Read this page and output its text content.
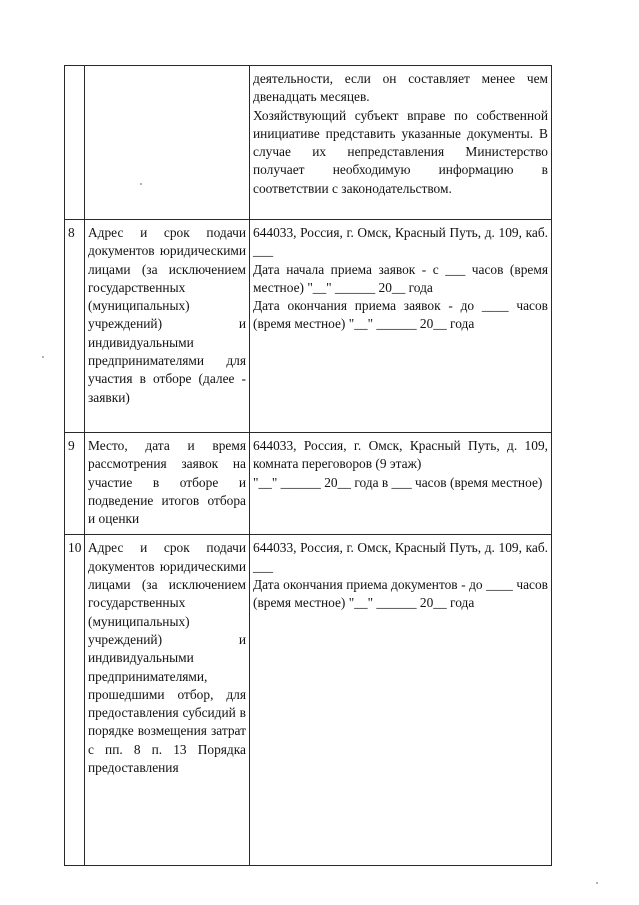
		деятельности, если он составляет менее чем двенадцать месяцев.
Хозяйствующий субъект вправе по собственной инициативе представить указанные документы. В случае их непредставления Министерство получает необходимую информацию в соответствии с законодательством.

8	Адрес и срок подачи документов юридическими лицами (за исключением государственных (муниципальных) учреждений) и индивидуальными предпринимателями для участия в отборе (далее - заявки)	644033, Россия, г. Омск, Красный Путь, д. 109, каб. ___
Дата начала приема заявок - с ___ часов (время местное) "__" ______ 20__ года
Дата окончания приема заявок - до ____ часов (время местное) "__" ______ 20__ года

9	Место, дата и время рассмотрения заявок на участие в отборе и подведение итогов отбора и оценки	644033, Россия, г. Омск, Красный Путь, д. 109, комната переговоров (9 этаж)
"__" ______ 20__ года в ___ часов (время местное)

10	Адрес и срок подачи документов юридическими лицами (за исключением государственных (муниципальных) учреждений) и индивидуальными предпринимателями, прошедшими отбор, для предоставления субсидий в порядке возмещения затрат с пп. 8 п. 13 Порядка предоставления	644033, Россия, г. Омск, Красный Путь, д. 109, каб. ___
Дата окончания приема документов - до ____ часов (время местное) "__" ______ 20__ года
